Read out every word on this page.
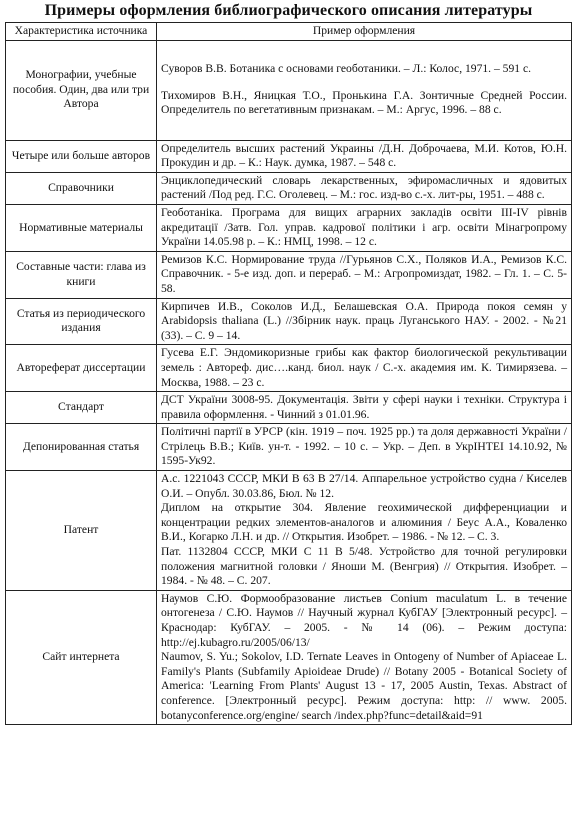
Примеры оформления библиографического описания литературы
Характеристика источника	Пример оформления
Монографии, учебные пособия. Один, два или три Автора	Суворов В.В. Ботаника с основами геоботаники. – Л.: Колос, 1971. – 591 с.

Тихомиров В.Н., Яницкая Т.О., Пронькина Г.А. Зонтичные Средней России. Определитель по вегетативным признакам. – М.: Аргус, 1996. – 88 с.

Четыре или больше авторов	Определитель высших растений Украины /Д.Н. Доброчаева, М.И. Котов, Ю.Н. Прокудин и др. – К.: Наук. думка, 1987. – 548 с.

Справочники	Энциклопедический словарь лекарственных, эфиромасличных и ядовитых растений /Под ред. Г.С. Оголевец. – М.: гос. изд-во с.-х. лит-ры, 1951. – 488 с.

Нормативные материалы	Геоботаніка. Програма для вищих аграрних закладів освіти III-IV рівнів акредитації /Затв. Гол. управ. кадрової політики і агр. освіти Мінагропрому України 14.05.98 р. – К.: НМЦ, 1998. – 12 с.

Составные части: глава из книги	Ремизов К.С. Нормирование труда //Гурьянов С.Х., Поляков И.А., Ремизов К.С. Справочник. - 5-е изд. доп. и перераб. – М.: Агропромиздат, 1982. – Гл. 1. – С. 5-58.

Статья из периодического издания	Кирпичев И.В., Соколов И.Д., Белашевская О.А. Природа покоя семян у Arabidopsis thaliana (L.) //Збірник наук. праць Луганського НАУ. - 2002. - №21 (33). – С. 9 – 14.

Автореферат диссертации	Гусева Е.Г. Эндомикоризные грибы как фактор биологической рекультивации земель : Автореф. дис….канд. биол. наук / С.-х. академия им. К. Тимирязева. – Москва, 1988. – 23 с.

Стандарт	ДСТ України 3008-95. Документація. Звіти у сфері науки і техніки. Структура і правила оформлення. - Чинний з 01.01.96.

Депонированная статья	Політичні партії в УРСР (кін. 1919 – поч. 1925 рр.) та доля державності України / Стрілець В.В.; Київ. ун-т. - 1992. – 10 с. – Укр. – Деп. в УкрІНТЕІ 14.10.92, № 1595-Ук92.

Патент	А.с. 1221043 СССР, МКИ В 63 В 27/14. Аппарельное устройство судна / Киселев О.И. – Опубл. 30.03.86, Бюл. № 12.

Диплом на открытие 304. Явление геохимической дифференциации и концентрации редких элементов-аналогов и алюминия / Беус А.А., Коваленко В.И., Когарко Л.Н. и др. // Открытия. Изобрет. – 1986. - № 12. – С. 3.

Пат. 1132804 СССР, МКИ С 11 В 5/48. Устройство для точной регулировки положения магнитной головки / Яноши М. (Венгрия) // Открытия. Изобрет. – 1984. - № 48. – С. 207.

Сайт интернета	Наумов С.Ю. Формообразование листьев Conium maculatum L. в течение онтогенеза / С.Ю. Наумов // Научный журнал КубГАУ [Электронный ресурс]. – Краснодар: КубГАУ. – 2005. - № 14 (06). – Режим доступа: http://ej.kubagro.ru/2005/06/13/

Naumov, S. Yu.; Sokolov, I.D. Ternate Leaves in Ontogeny of Number of Apiaceae L. Family's Plants (Subfamily Apioideae Drude) // Botany 2005 - Botanical Society of America: 'Learning From Plants' August 13 - 17, 2005 Austin, Texas. Abstract of conference. [Электронный ресурс]. Режим доступа: http: // www. 2005. botanyconference.org/engine/ search /index.php?func=detail&aid=91
